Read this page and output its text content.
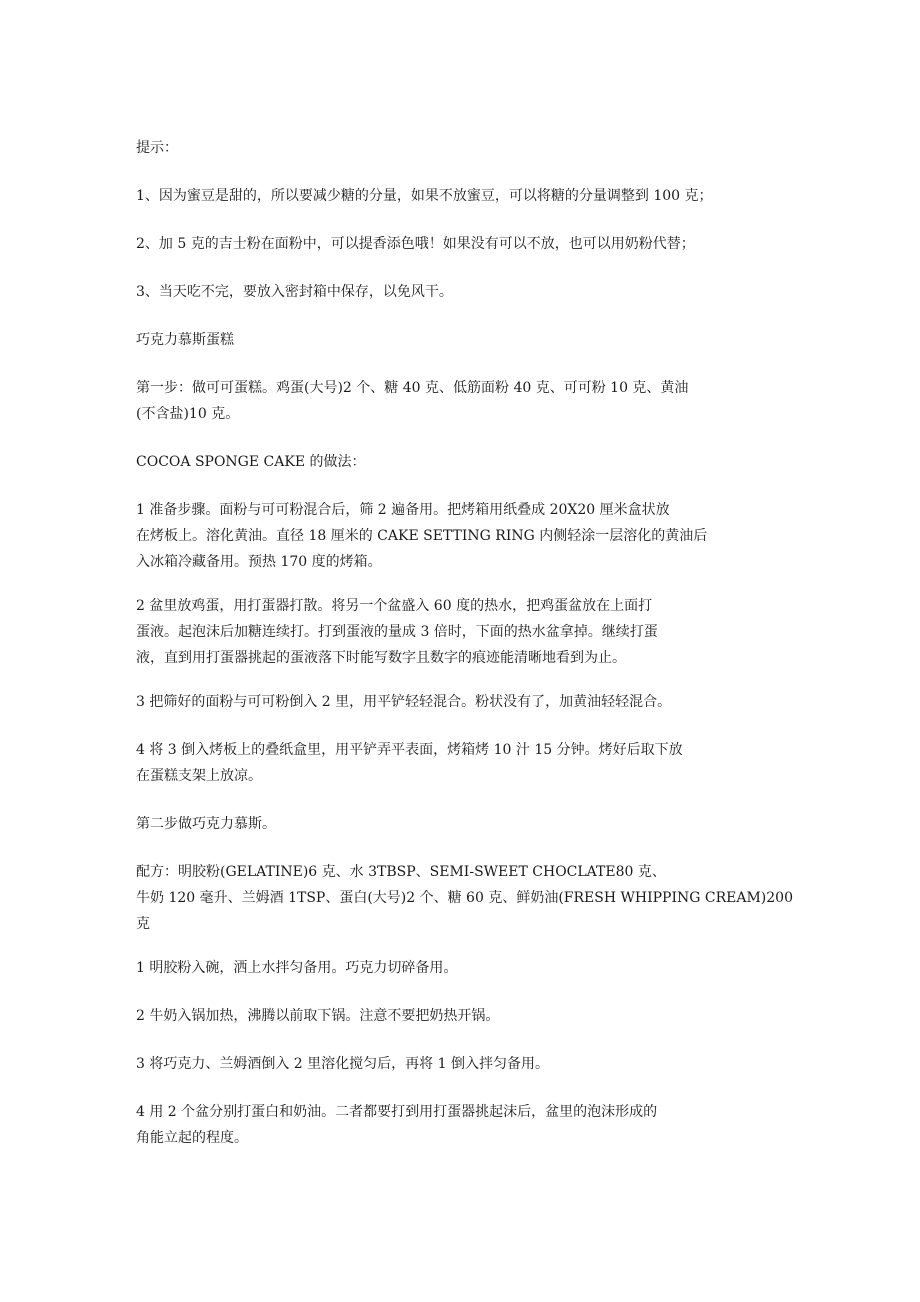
提示：
1、因为蜜豆是甜的，所以要减少糖的分量，如果不放蜜豆，可以将糖的分量调整到 100 克；
2、加 5 克的吉士粉在面粉中，可以提香添色哦！如果没有可以不放，也可以用奶粉代替；
3、当天吃不完，要放入密封箱中保存，以免风干。
巧克力慕斯蛋糕
第一步：做可可蛋糕。鸡蛋(大号)2 个、糖 40 克、低筋面粉 40 克、可可粉 10 克、黄油
(不含盐)10 克。
COCOA SPONGE CAKE 的做法：
1 准备步骤。面粉与可可粉混合后，筛 2 遍备用。把烤箱用纸叠成 20X20 厘米盒状放
在烤板上。溶化黄油。直径 18 厘米的 CAKE SETTING RING 内侧轻涂一层溶化的黄油后
入冰箱冷藏备用。预热 170 度的烤箱。
2 盆里放鸡蛋，用打蛋器打散。将另一个盆盛入 60 度的热水，把鸡蛋盆放在上面打
蛋液。起泡沫后加糖连续打。打到蛋液的量成 3 倍时，下面的热水盆拿掉。继续打蛋
液，直到用打蛋器挑起的蛋液落下时能写数字且数字的痕迹能清晰地看到为止。
3 把筛好的面粉与可可粉倒入 2 里，用平铲轻轻混合。粉状没有了，加黄油轻轻混合。
4 将 3 倒入烤板上的叠纸盒里，用平铲弄平表面，烤箱烤 10 汁 15 分钟。烤好后取下放
在蛋糕支架上放凉。
第二步做巧克力慕斯。
配方：明胶粉(GELATINE)6 克、水 3TBSP、SEMI-SWEET CHOCLATE80 克、
牛奶 120 毫升、兰姆酒 1TSP、蛋白(大号)2 个、糖 60 克、鲜奶油(FRESH WHIPPING CREAM)200
克
1 明胶粉入碗，洒上水拌匀备用。巧克力切碎备用。
2 牛奶入锅加热，沸腾以前取下锅。注意不要把奶热开锅。
3 将巧克力、兰姆酒倒入 2 里溶化搅匀后，再将 1 倒入拌匀备用。
4 用 2 个盆分别打蛋白和奶油。二者都要打到用打蛋器挑起沫后，盆里的泡沫形成的
角能立起的程度。
